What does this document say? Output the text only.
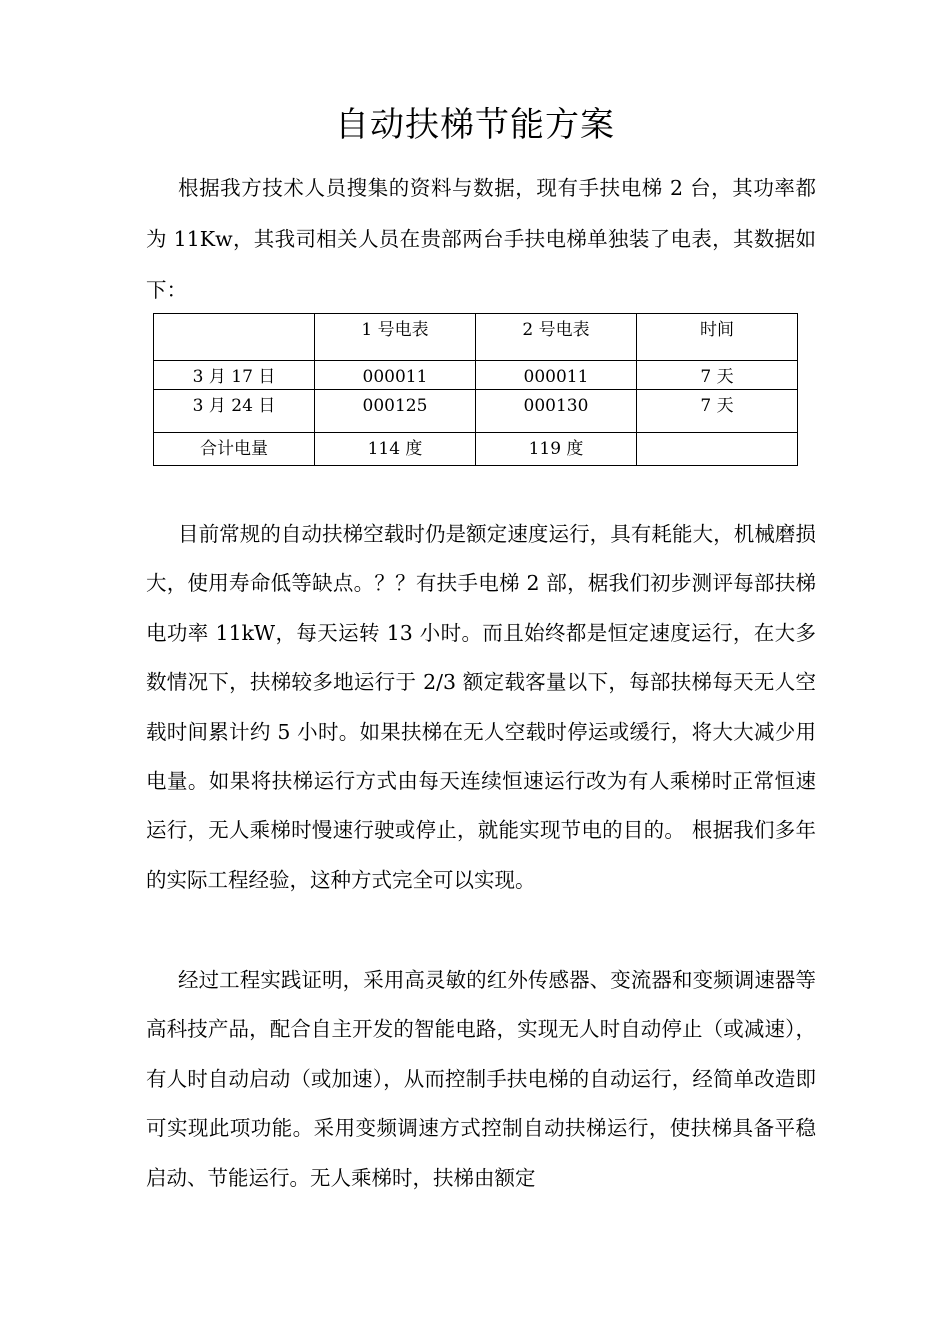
自动扶梯节能方案

根据我方技术人员搜集的资料与数据，现有手扶电梯 2 台，其功率都为 11Kw，其我司相关人员在贵部两台手扶电梯单独装了电表，其数据如下：

	1 号电表	2 号电表	时间
3 月 17 日	000011	000011	7 天
3 月 24 日	000125	000130	7 天
合计电量	114 度	119 度	

目前常规的自动扶梯空载时仍是额定速度运行，具有耗能大，机械磨损大，使用寿命低等缺点。？？有扶手电梯 2 部，椐我们初步测评每部扶梯电功率 11kW，每天运转 13 小时。而且始终都是恒定速度运行，在大多数情况下，扶梯较多地运行于 2/3 额定载客量以下，每部扶梯每天无人空载时间累计约 5 小时。如果扶梯在无人空载时停运或缓行，将大大减少用电量。如果将扶梯运行方式由每天连续恒速运行改为有人乘梯时正常恒速运行，无人乘梯时慢速行驶或停止，就能实现节电的目的。 根据我们多年的实际工程经验，这种方式完全可以实现。

经过工程实践证明，采用高灵敏的红外传感器、变流器和变频调速器等高科技产品，配合自主开发的智能电路，实现无人时自动停止（或减速），有人时自动启动（或加速），从而控制手扶电梯的自动运行，经简单改造即可实现此项功能。采用变频调速方式控制自动扶梯运行，使扶梯具备平稳启动、节能运行。无人乘梯时，扶梯由额定
